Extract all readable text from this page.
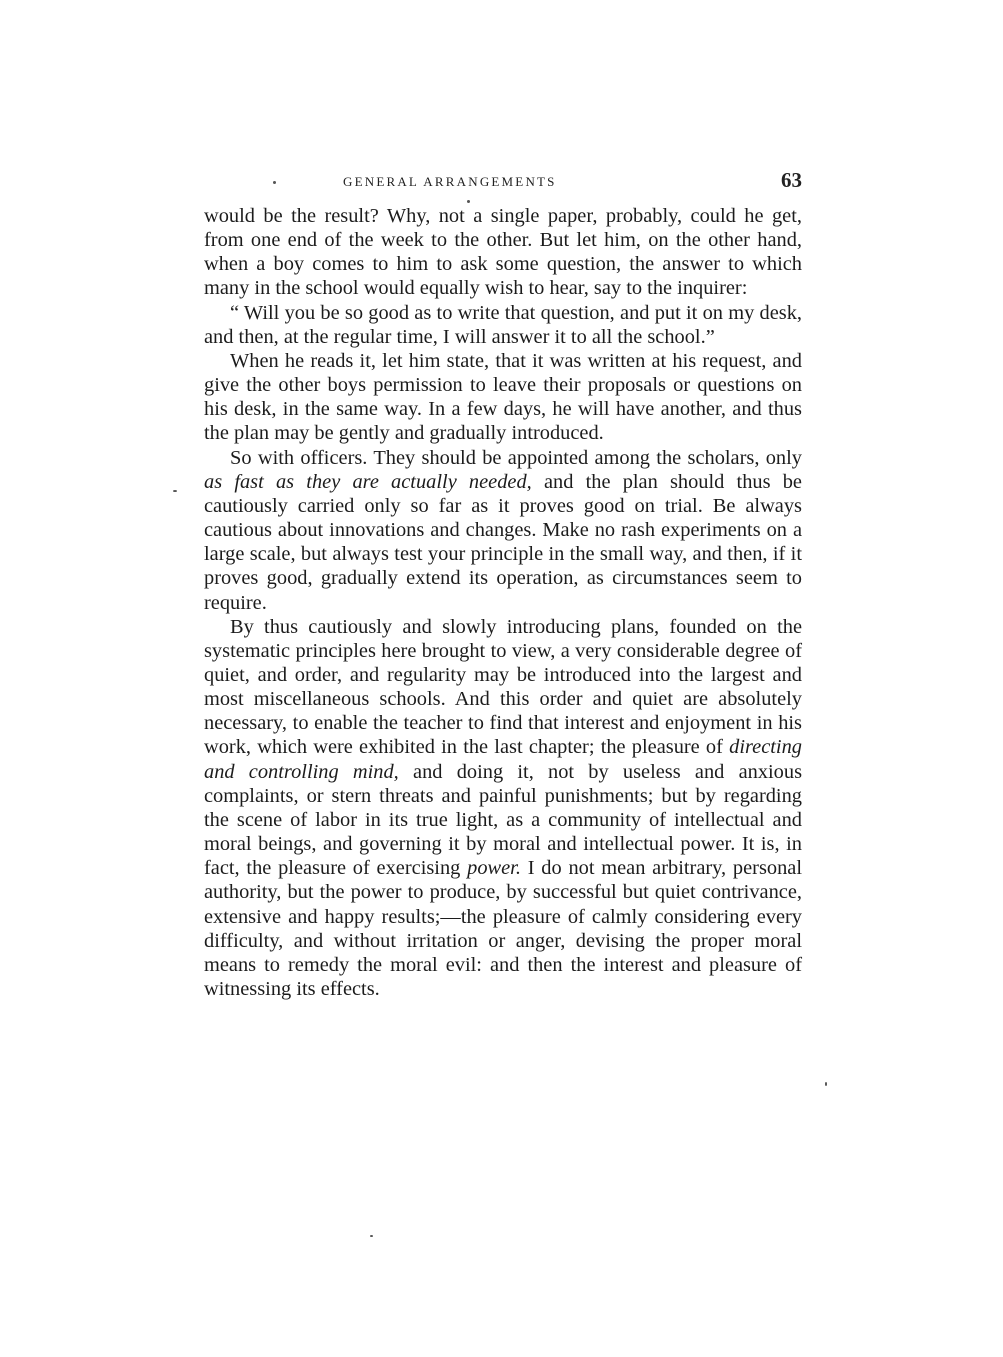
GENERAL ARRANGEMENTS	63

would be the result? Why, not a single paper, probably, could he get, from one end of the week to the other. But let him, on the other hand, when a boy comes to him to ask some question, the answer to which many in the school would equally wish to hear, say to the inquirer:

“ Will you be so good as to write that question, and put it on my desk, and then, at the regular time, I will answer it to all the school.”

When he reads it, let him state, that it was written at his request, and give the other boys permission to leave their proposals or questions on his desk, in the same way. In a few days, he will have another, and thus the plan may be gently and gradually introduced.

So with officers. They should be appointed among the scholars, only as fast as they are actually needed, and the plan should thus be cautiously carried only so far as it proves good on trial. Be always cautious about innovations and changes. Make no rash experiments on a large scale, but always test your principle in the small way, and then, if it proves good, gradually extend its operation, as circumstances seem to require.

By thus cautiously and slowly introducing plans, founded on the systematic principles here brought to view, a very considerable degree of quiet, and order, and regularity may be introduced into the largest and most miscellaneous schools. And this order and quiet are absolutely necessary, to enable the teacher to find that interest and enjoyment in his work, which were exhibited in the last chapter; the pleasure of directing and controlling mind, and doing it, not by useless and anxious complaints, or stern threats and painful punishments; but by regarding the scene of labor in its true light, as a community of intellectual and moral beings, and governing it by moral and intellectual power. It is, in fact, the pleasure of exercising power. I do not mean arbitrary, personal authority, but the power to produce, by successful but quiet contrivance, extensive and happy results;—the pleasure of calmly considering every difficulty, and without irritation or anger, devising the proper moral means to remedy the moral evil: and then the interest and pleasure of witnessing its effects.
